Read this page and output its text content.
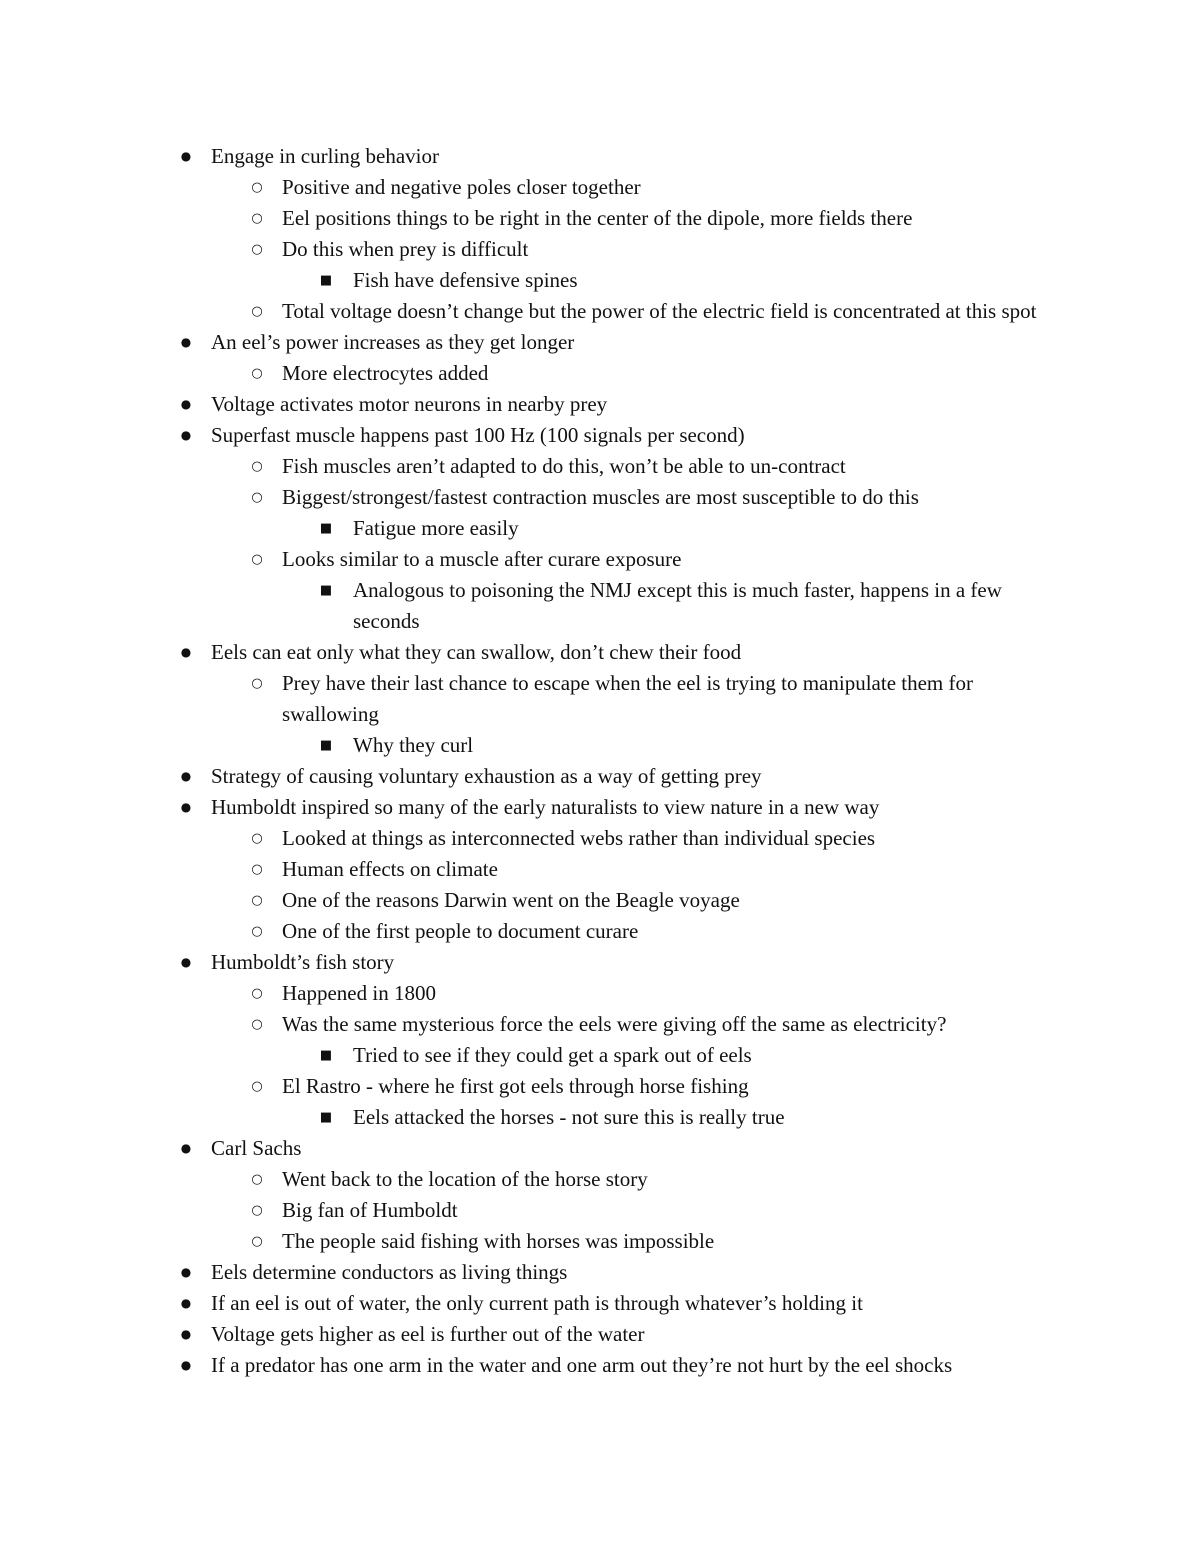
● Engage in curling behavior
○ Positive and negative poles closer together
○ Eel positions things to be right in the center of the dipole, more fields there
○ Do this when prey is difficult
■ Fish have defensive spines
○ Total voltage doesn’t change but the power of the electric field is concentrated at this spot
● An eel’s power increases as they get longer
○ More electrocytes added
● Voltage activates motor neurons in nearby prey
● Superfast muscle happens past 100 Hz (100 signals per second)
○ Fish muscles aren’t adapted to do this, won’t be able to un-contract
○ Biggest/strongest/fastest contraction muscles are most susceptible to do this
■ Fatigue more easily
○ Looks similar to a muscle after curare exposure
■ Analogous to poisoning the NMJ except this is much faster, happens in a few seconds
● Eels can eat only what they can swallow, don’t chew their food
○ Prey have their last chance to escape when the eel is trying to manipulate them for swallowing
■ Why they curl
● Strategy of causing voluntary exhaustion as a way of getting prey
● Humboldt inspired so many of the early naturalists to view nature in a new way
○ Looked at things as interconnected webs rather than individual species
○ Human effects on climate
○ One of the reasons Darwin went on the Beagle voyage
○ One of the first people to document curare
● Humboldt’s fish story
○ Happened in 1800
○ Was the same mysterious force the eels were giving off the same as electricity?
■ Tried to see if they could get a spark out of eels
○ El Rastro - where he first got eels through horse fishing
■ Eels attacked the horses - not sure this is really true
● Carl Sachs
○ Went back to the location of the horse story
○ Big fan of Humboldt
○ The people said fishing with horses was impossible
● Eels determine conductors as living things
● If an eel is out of water, the only current path is through whatever’s holding it
● Voltage gets higher as eel is further out of the water
● If a predator has one arm in the water and one arm out they’re not hurt by the eel shocks
